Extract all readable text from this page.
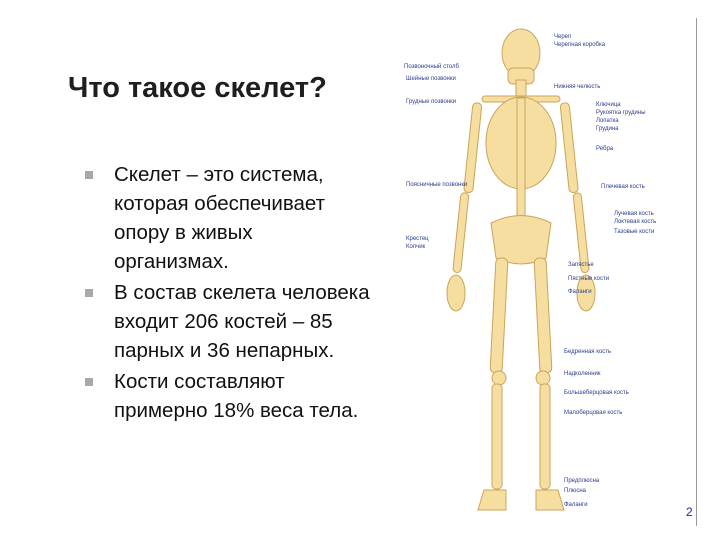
Что такое скелет?
Скелет – это система, которая обеспечивает опору в живых организмах.
В состав скелета человека входит 206 костей – 85 парных и 36 непарных.
Кости составляют примерно 18% веса тела.
Позвоночный столб
Шейные позвонки
Грудные позвонки
Поясничные позвонки
Крестец
Копчик
Череп
Черепная коробка
Нижняя челюсть
Ключица
Рукоятка грудины
Лопатка
Грудина
Ребра
Плечевая кость
Лучевая кость
Локтевая кость
Тазовые кости
Запястье
Пястные кости
Фаланги
Бедренная кость
Надколенник
Большеберцовая кость
Малоберцовая кость
Предплюсна
Плюсна
Фаланги	2
